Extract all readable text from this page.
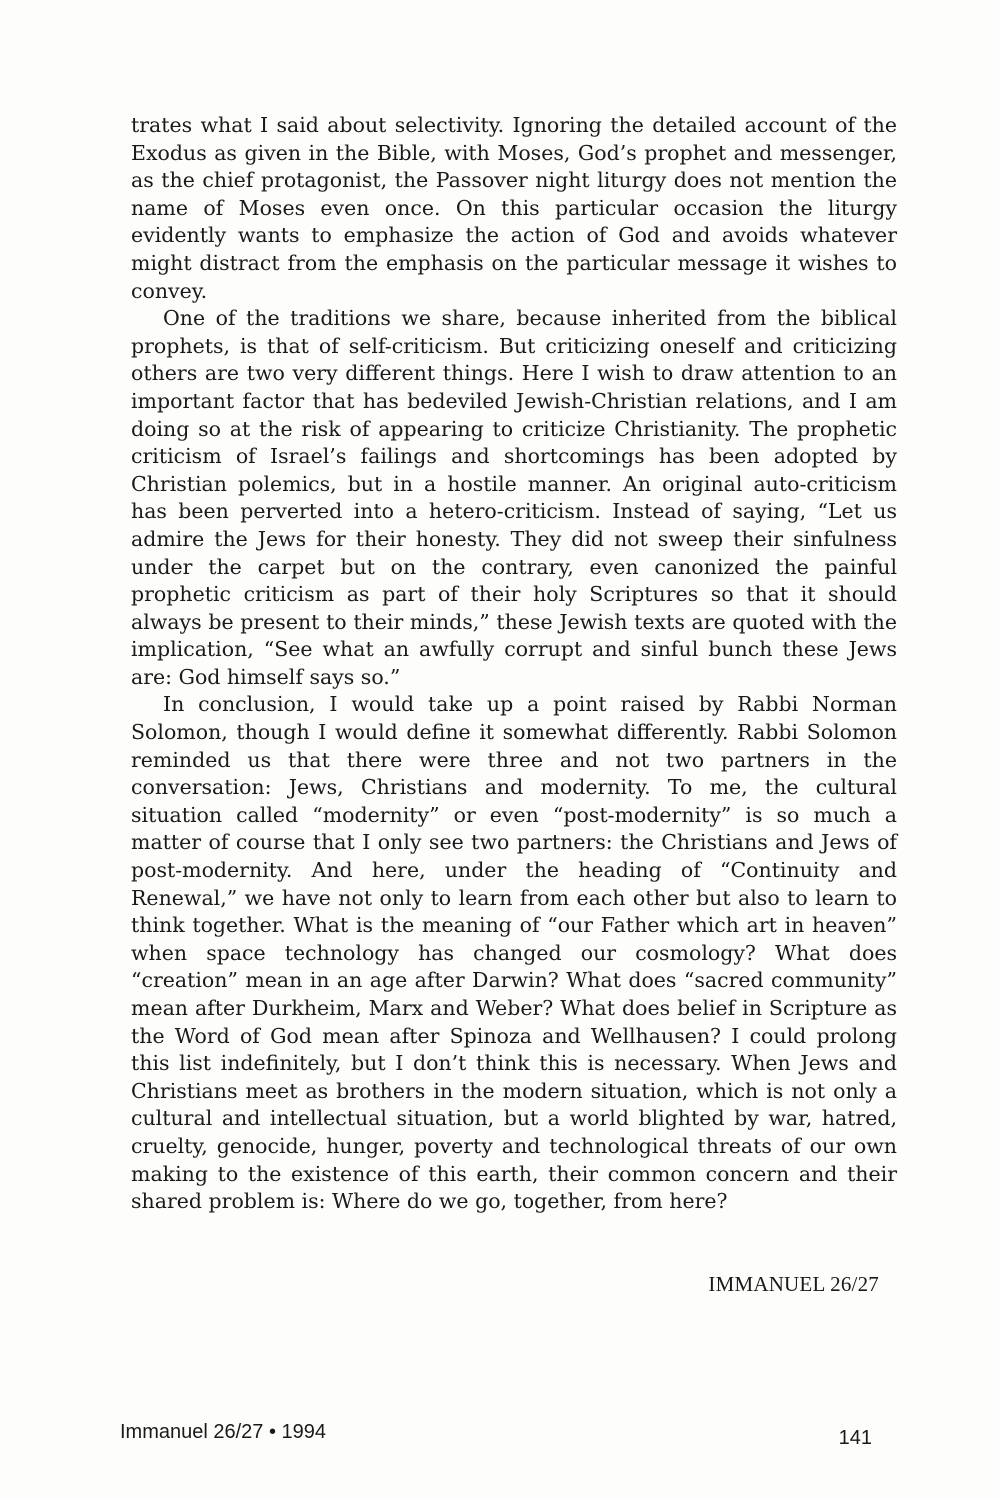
trates what I said about selectivity. Ignoring the detailed account of the Exodus as given in the Bible, with Moses, God’s prophet and messenger, as the chief protagonist, the Passover night liturgy does not mention the name of Moses even once. On this particular occasion the liturgy evidently wants to emphasize the action of God and avoids whatever might distract from the emphasis on the particular message it wishes to convey.

One of the traditions we share, because inherited from the biblical prophets, is that of self-criticism. But criticizing oneself and criticizing others are two very different things. Here I wish to draw attention to an important factor that has bedeviled Jewish-Christian relations, and I am doing so at the risk of appearing to criticize Christianity. The prophetic criticism of Israel’s failings and shortcomings has been adopted by Christian polemics, but in a hostile manner. An original auto-criticism has been perverted into a hetero-criticism. Instead of saying, “Let us admire the Jews for their honesty. They did not sweep their sinfulness under the carpet but on the contrary, even canonized the painful prophetic criticism as part of their holy Scriptures so that it should always be present to their minds,” these Jewish texts are quoted with the implication, “See what an awfully corrupt and sinful bunch these Jews are: God himself says so.”

In conclusion, I would take up a point raised by Rabbi Norman Solomon, though I would define it somewhat differently. Rabbi Solomon reminded us that there were three and not two partners in the conversation: Jews, Christians and modernity. To me, the cultural situation called “modernity” or even “post-modernity” is so much a matter of course that I only see two partners: the Christians and Jews of post-modernity. And here, under the heading of “Continuity and Renewal,” we have not only to learn from each other but also to learn to think together. What is the meaning of “our Father which art in heaven” when space technology has changed our cosmology? What does “creation” mean in an age after Darwin? What does “sacred community” mean after Durkheim, Marx and Weber? What does belief in Scripture as the Word of God mean after Spinoza and Wellhausen? I could prolong this list indefinitely, but I don’t think this is necessary. When Jews and Christians meet as brothers in the modern situation, which is not only a cultural and intellectual situation, but a world blighted by war, hatred, cruelty, genocide, hunger, poverty and technological threats of our own making to the existence of this earth, their common concern and their shared problem is: Where do we go, together, from here?

IMMANUEL 26/27
Immanuel 26/27 • 1994	141
